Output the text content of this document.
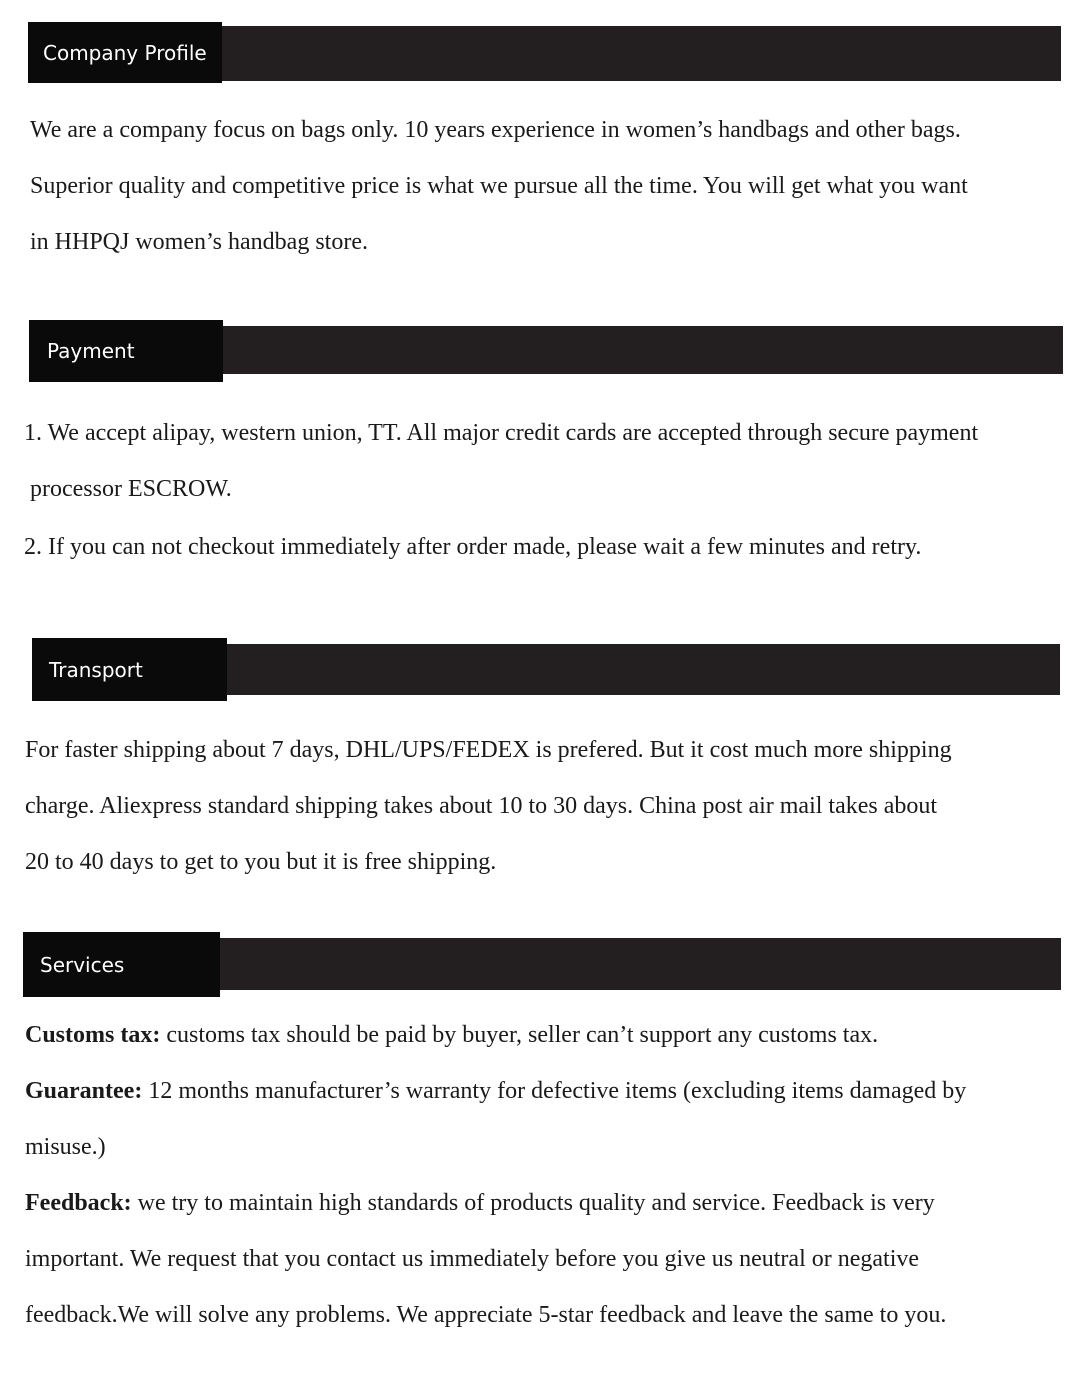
Company Profile
We are a company focus on bags only. 10 years experience in women’s handbags and other bags.
Superior quality and competitive price is what we pursue all the time. You will get what you want
in HHPQJ women’s handbag store.
Payment
1. We accept alipay, western union, TT. All major credit cards are accepted through secure payment
processor ESCROW.
2. If you can not checkout immediately after order made, please wait a few minutes and retry.
Transport
For faster shipping about 7 days, DHL/UPS/FEDEX is prefered. But it cost much more shipping
charge. Aliexpress standard shipping takes about 10 to 30 days. China post air mail takes about
20 to 40 days to get to you but it is free shipping.
Services
Customs tax: customs tax should be paid by buyer, seller can’t support any customs tax.
Guarantee: 12 months manufacturer’s warranty for defective items (excluding items damaged by
misuse.)
Feedback: we try to maintain high standards of products quality and service. Feedback is very
important. We request that you contact us immediately before you give us neutral or negative
feedback.We will solve any problems. We appreciate 5-star feedback and leave the same to you.
